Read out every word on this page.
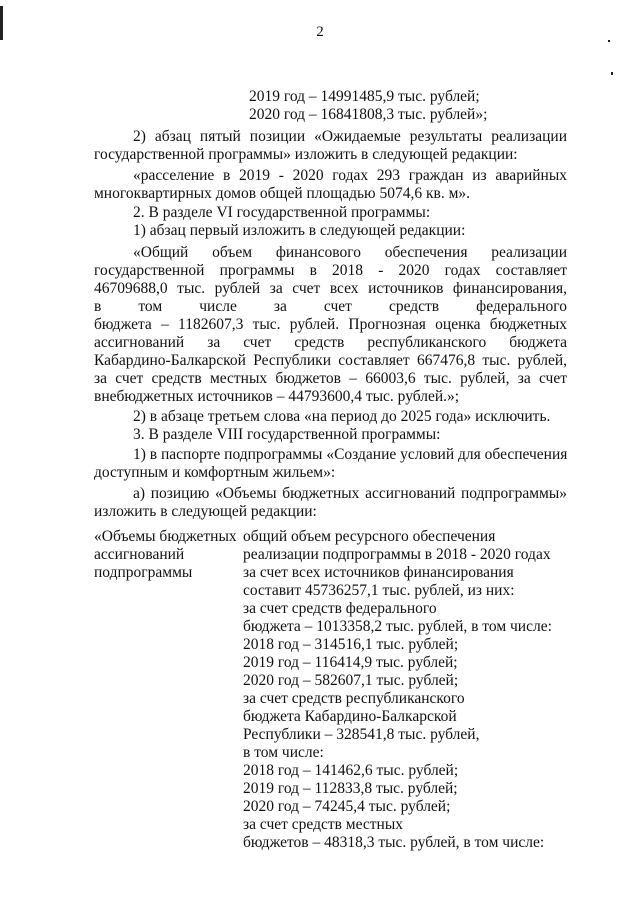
2
2019 год – 14991485,9 тыс. рублей;
2020 год – 16841808,3 тыс. рублей»;
2) абзац пятый позиции «Ожидаемые результаты реализации
государственной программы» изложить в следующей редакции:
«расселение в 2019 - 2020 годах 293 граждан из аварийных
многоквартирных домов общей площадью 5074,6 кв. м».
2. В разделе VI государственной программы:
1) абзац первый изложить в следующей редакции:
«Общий объем финансового обеспечения реализации
государственной программы в 2018 - 2020 годах составляет
46709688,0 тыс. рублей за счет всех источников финансирования,
в том числе за счет средств федерального
бюджета – 1182607,3 тыс. рублей. Прогнозная оценка бюджетных
ассигнований за счет средств республиканского бюджета
Кабардино-Балкарской Республики составляет 667476,8 тыс. рублей,
за счет средств местных бюджетов – 66003,6 тыс. рублей, за счет
внебюджетных источников – 44793600,4 тыс. рублей.»;
2) в абзаце третьем слова «на период до 2025 года» исключить.
3. В разделе VIII государственной программы:
1) в паспорте подпрограммы «Создание условий для обеспечения
доступным и комфортным жильем»:
а) позицию «Объемы бюджетных ассигнований подпрограммы»
изложить в следующей редакции:
«Объемы бюджетных
ассигнований
подпрограммы
общий объем ресурсного обеспечения
реализации подпрограммы в 2018 - 2020 годах
за счет всех источников финансирования
составит 45736257,1 тыс. рублей, из них:
за счет средств федерального
бюджета – 1013358,2 тыс. рублей, в том числе:
2018 год – 314516,1 тыс. рублей;
2019 год – 116414,9 тыс. рублей;
2020 год – 582607,1 тыс. рублей;
за счет средств республиканского
бюджета Кабардино-Балкарской
Республики – 328541,8 тыс. рублей,
в том числе:
2018 год – 141462,6 тыс. рублей;
2019 год – 112833,8 тыс. рублей;
2020 год – 74245,4 тыс. рублей;
за счет средств местных
бюджетов – 48318,3 тыс. рублей, в том числе:
